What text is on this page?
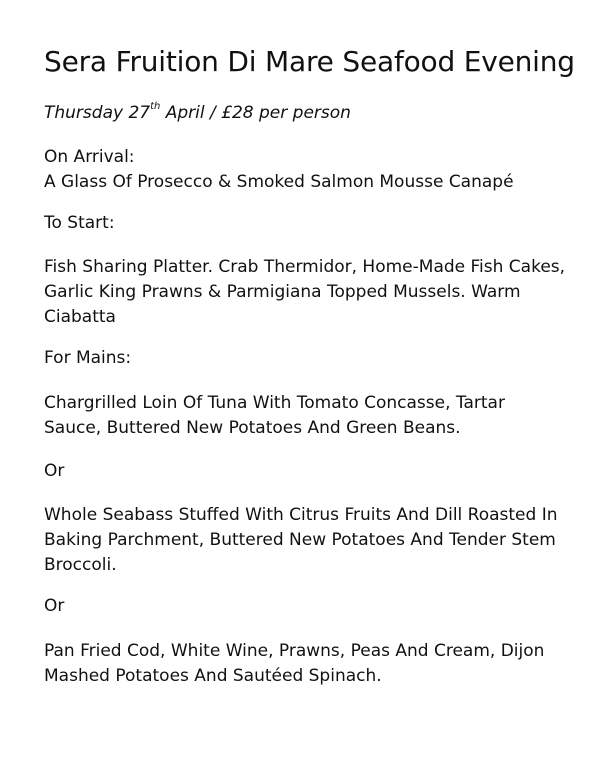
Sera Fruition Di Mare Seafood Evening
Thursday 27th April / £28 per person
On Arrival:
A Glass Of Prosecco & Smoked Salmon Mousse Canapé
To Start:
Fish Sharing Platter. Crab Thermidor, Home-Made Fish Cakes,
Garlic King Prawns & Parmigiana Topped Mussels. Warm
Ciabatta
For Mains:
Chargrilled Loin Of Tuna With Tomato Concasse, Tartar
Sauce, Buttered New Potatoes And Green Beans.
Or
Whole Seabass Stuffed With Citrus Fruits And Dill Roasted In
Baking Parchment, Buttered New Potatoes And Tender Stem
Broccoli.
Or
Pan Fried Cod, White Wine, Prawns, Peas And Cream, Dijon
Mashed Potatoes And Sautéed Spinach.
